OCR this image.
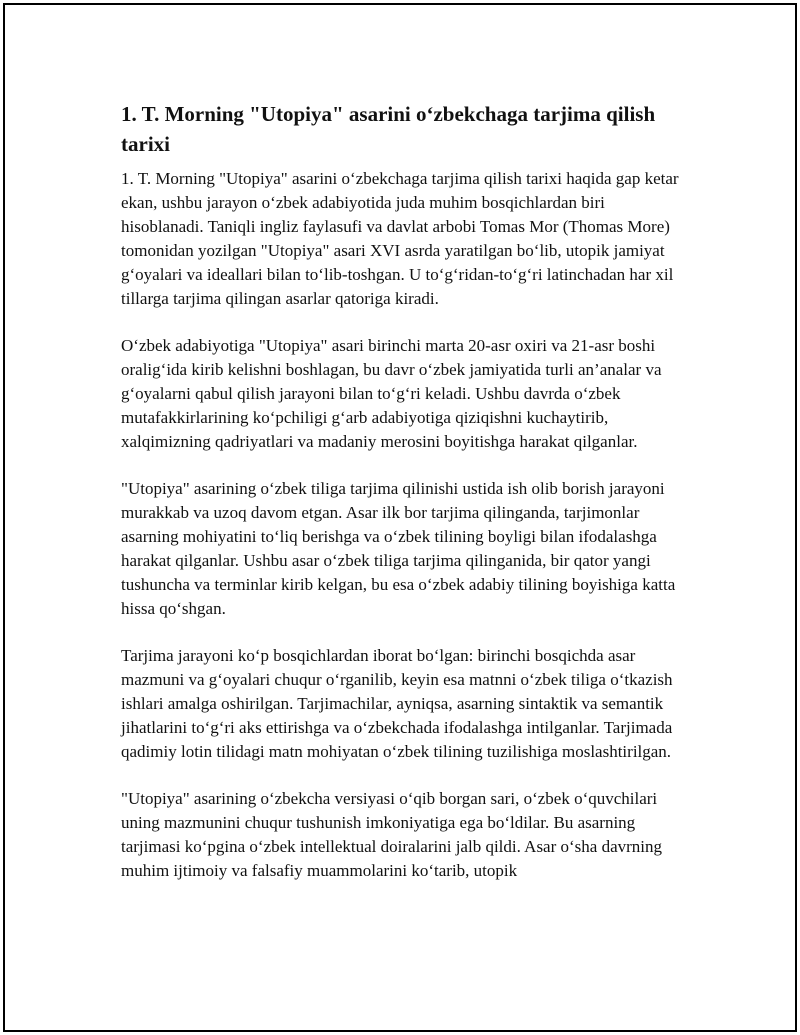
1. T. Morning "Utopiya" asarini o‘zbekchaga tarjima qilish tarixi

1. T. Morning "Utopiya" asarini o‘zbekchaga tarjima qilish tarixi haqida gap ketar ekan, ushbu jarayon o‘zbek adabiyotida juda muhim bosqichlardan biri hisoblanadi. Taniqli ingliz faylasufi va davlat arbobi Tomas Mor (Thomas More) tomonidan yozilgan "Utopiya" asari XVI asrda yaratilgan bo‘lib, utopik jamiyat g‘oyalari va ideallari bilan to‘lib-toshgan. U to‘g‘ridan-to‘g‘ri latinchadan har xil tillarga tarjima qilingan asarlar qatoriga kiradi.

O‘zbek adabiyotiga "Utopiya" asari birinchi marta 20-asr oxiri va 21-asr boshi oralig‘ida kirib kelishni boshlagan, bu davr o‘zbek jamiyatida turli an’analar va g‘oyalarni qabul qilish jarayoni bilan to‘g‘ri keladi. Ushbu davrda o‘zbek mutafakkirlarining ko‘pchiligi g‘arb adabiyotiga qiziqishni kuchaytirib, xalqimizning qadriyatlari va madaniy merosini boyitishga harakat qilganlar.

"Utopiya" asarining o‘zbek tiliga tarjima qilinishi ustida ish olib borish jarayoni murakkab va uzoq davom etgan. Asar ilk bor tarjima qilinganda, tarjimonlar asarning mohiyatini to‘liq berishga va o‘zbek tilining boyligi bilan ifodalashga harakat qilganlar. Ushbu asar o‘zbek tiliga tarjima qilinganida, bir qator yangi tushuncha va terminlar kirib kelgan, bu esa o‘zbek adabiy tilining boyishiga katta hissa qo‘shgan.

Tarjima jarayoni ko‘p bosqichlardan iborat bo‘lgan: birinchi bosqichda asar mazmuni va g‘oyalari chuqur o‘rganilib, keyin esa matnni o‘zbek tiliga o‘tkazish ishlari amalga oshirilgan. Tarjimachilar, ayniqsa, asarning sintaktik va semantik jihatlarini to‘g‘ri aks ettirishga va o‘zbekchada ifodalashga intilganlar. Tarjimada qadimiy lotin tilidagi matn mohiyatan o‘zbek tilining tuzilishiga moslashtirilgan.

"Utopiya" asarining o‘zbekcha versiyasi o‘qib borgan sari, o‘zbek o‘quvchilari uning mazmunini chuqur tushunish imkoniyatiga ega bo‘ldilar. Bu asarning tarjimasi ko‘pgina o‘zbek intellektual doiralarini jalb qildi. Asar o‘sha davrning muhim ijtimoiy va falsafiy muammolarini ko‘tarib, utopik
